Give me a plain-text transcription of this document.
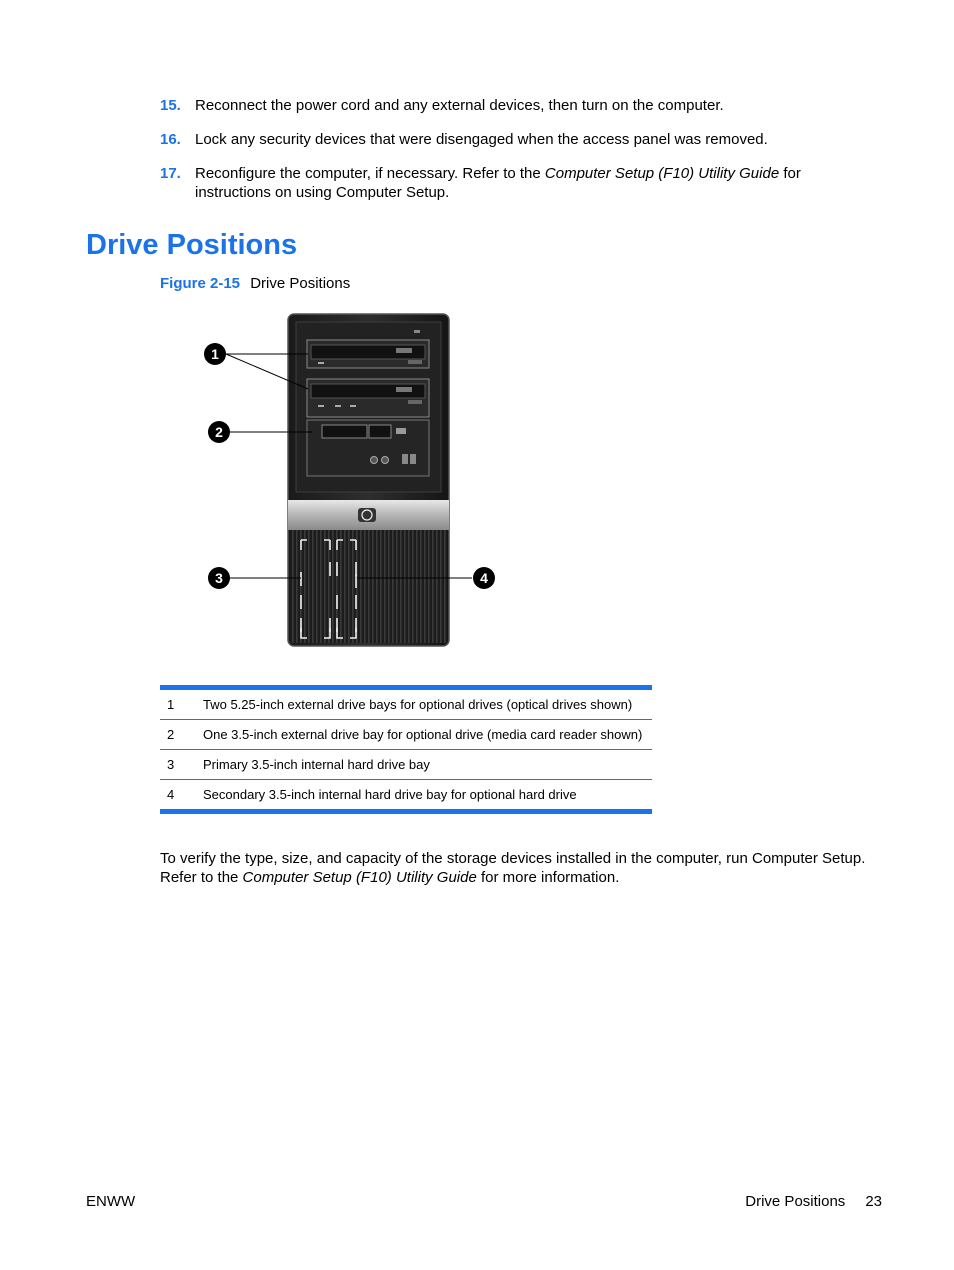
15. Reconnect the power cord and any external devices, then turn on the computer.
16. Lock any security devices that were disengaged when the access panel was removed.
17. Reconfigure the computer, if necessary. Refer to the Computer Setup (F10) Utility Guide for instructions on using Computer Setup.
Drive Positions
Figure 2-15 Drive Positions
1
2
3	4
1	Two 5.25-inch external drive bays for optional drives (optical drives shown)
2	One 3.5-inch external drive bay for optional drive (media card reader shown)
3	Primary 3.5-inch internal hard drive bay
4	Secondary 3.5-inch internal hard drive bay for optional hard drive

To verify the type, size, and capacity of the storage devices installed in the computer, run Computer Setup. Refer to the Computer Setup (F10) Utility Guide for more information.

ENWW	Drive Positions 23
